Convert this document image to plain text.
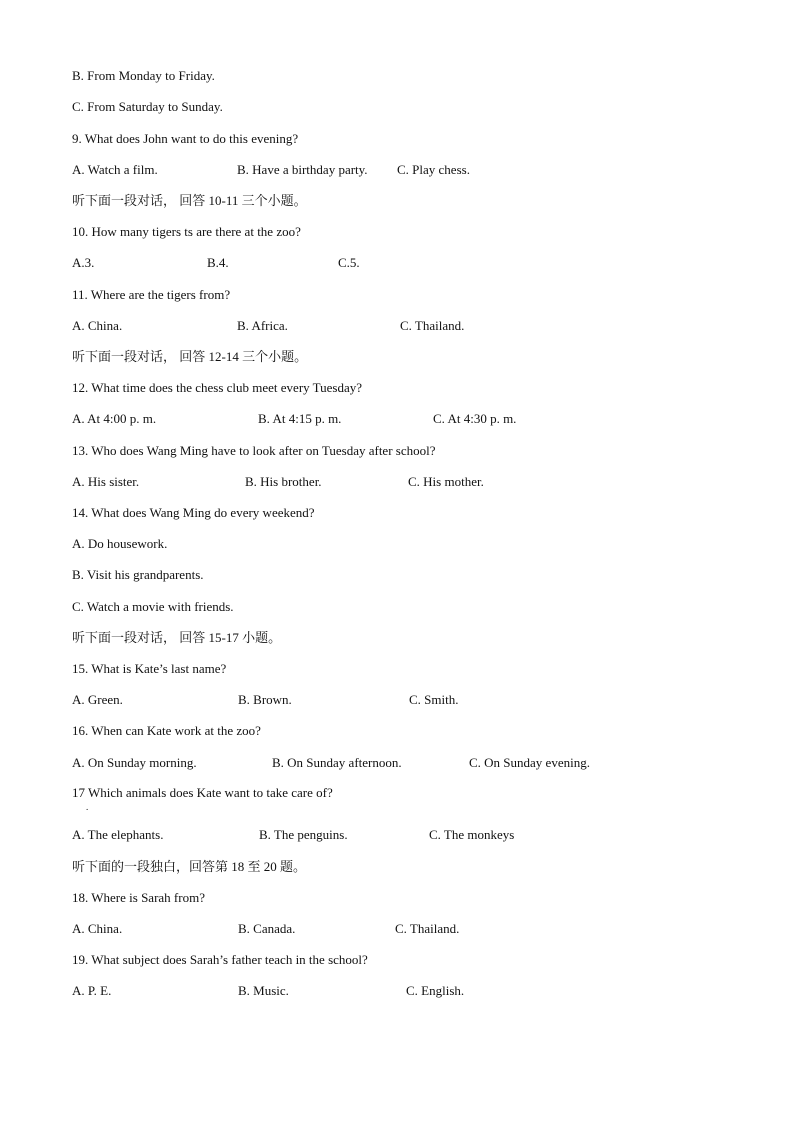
B. From Monday to Friday.
C. From Saturday to Sunday.
9. What does John want to do this evening?
A. Watch a film.	B. Have a birthday party. C. Play chess.
听下面一段对话， 回答 10-11 三个小题。
10. How many tigers ts are there at the zoo?
A.3.	B.4.	C.5.
11. Where are the tigers from?
A. China.	B. Africa.	C. Thailand.
听下面一段对话， 回答 12-14 三个小题。
12. What time does the chess club meet every Tuesday?
A. At 4:00 p. m.	B. At 4:15 p. m.	C. At 4:30 p. m.
13. Who does Wang Ming have to look after on Tuesday after school?
A. His sister.	B. His brother.	C. His mother.
14. What does Wang Ming do every weekend?
A. Do housework.
B. Visit his grandparents.
C. Watch a movie with friends.
听下面一段对话， 回答 15-17 小题。
15. What is Kate’s last name?
A. Green.	B. Brown.	C. Smith.
16. When can Kate work at the zoo?
A. On Sunday morning.	B. On Sunday afternoon.	C. On Sunday evening.
17 Which animals does Kate want to take care of?
.
A. The elephants.	B. The penguins.	C. The monkeys
听下面的一段独白，回答第 18 至 20 题。
18. Where is Sarah from?
A. China.	B. Canada.	C. Thailand.
19. What subject does Sarah’s father teach in the school?
A. P. E.	B. Music.	C. English.
